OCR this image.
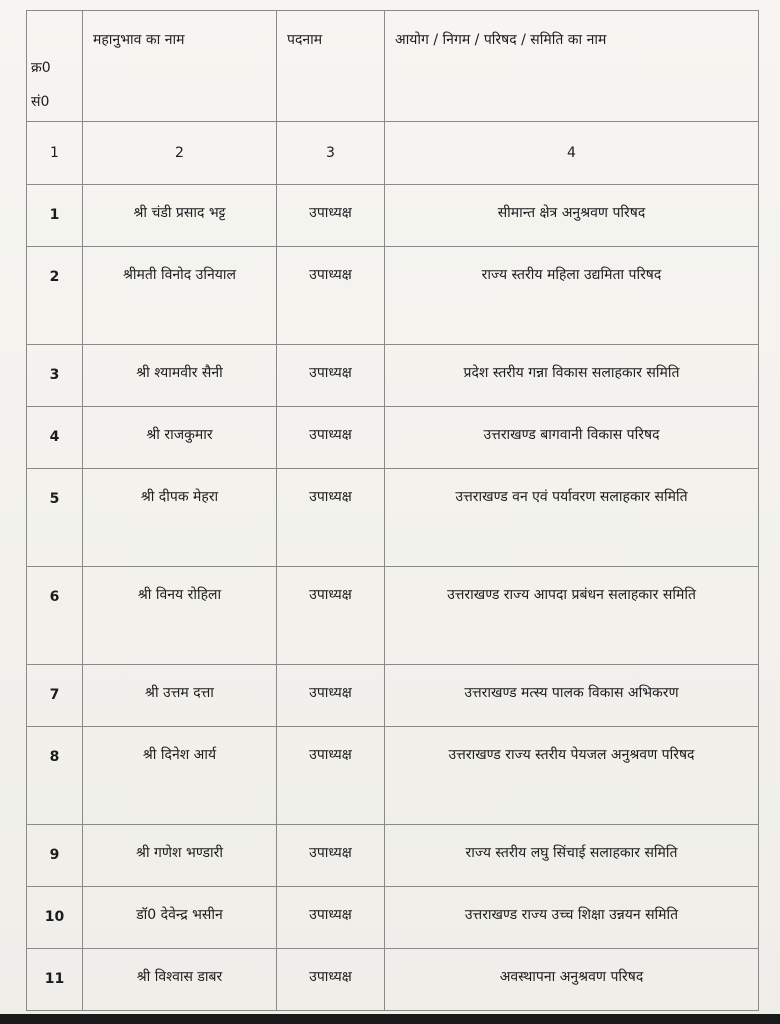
क्र0
सं0	महानुभाव का नाम	पदनाम	आयोग / निगम / परिषद / समिति का नाम

1	2	3	4

1	श्री चंडी प्रसाद भट्ट	उपाध्यक्ष	सीमान्त क्षेत्र अनुश्रवण परिषद

2	श्रीमती विनोद उनियाल	उपाध्यक्ष	राज्य स्तरीय महिला उद्यमिता परिषद

3	श्री श्यामवीर सैनी	उपाध्यक्ष	प्रदेश स्तरीय गन्ना विकास सलाहकार समिति

4	श्री राजकुमार	उपाध्यक्ष	उत्तराखण्ड बागवानी विकास परिषद

5	श्री दीपक मेहरा	उपाध्यक्ष	उत्तराखण्ड वन एवं पर्यावरण सलाहकार समिति

6	श्री विनय रोहिला	उपाध्यक्ष	उत्तराखण्ड राज्य आपदा प्रबंधन सलाहकार समिति

7	श्री उत्तम दत्ता	उपाध्यक्ष	उत्तराखण्ड मत्स्य पालक विकास अभिकरण

8	श्री दिनेश आर्य	उपाध्यक्ष	उत्तराखण्ड राज्य स्तरीय पेयजल अनुश्रवण परिषद

9	श्री गणेश भण्डारी	उपाध्यक्ष	राज्य स्तरीय लघु सिंचाई सलाहकार समिति

10	डॉ0 देवेन्द्र भसीन	उपाध्यक्ष	उत्तराखण्ड राज्य उच्च शिक्षा उन्नयन समिति

11	श्री विश्वास डाबर	उपाध्यक्ष	अवस्थापना अनुश्रवण परिषद
